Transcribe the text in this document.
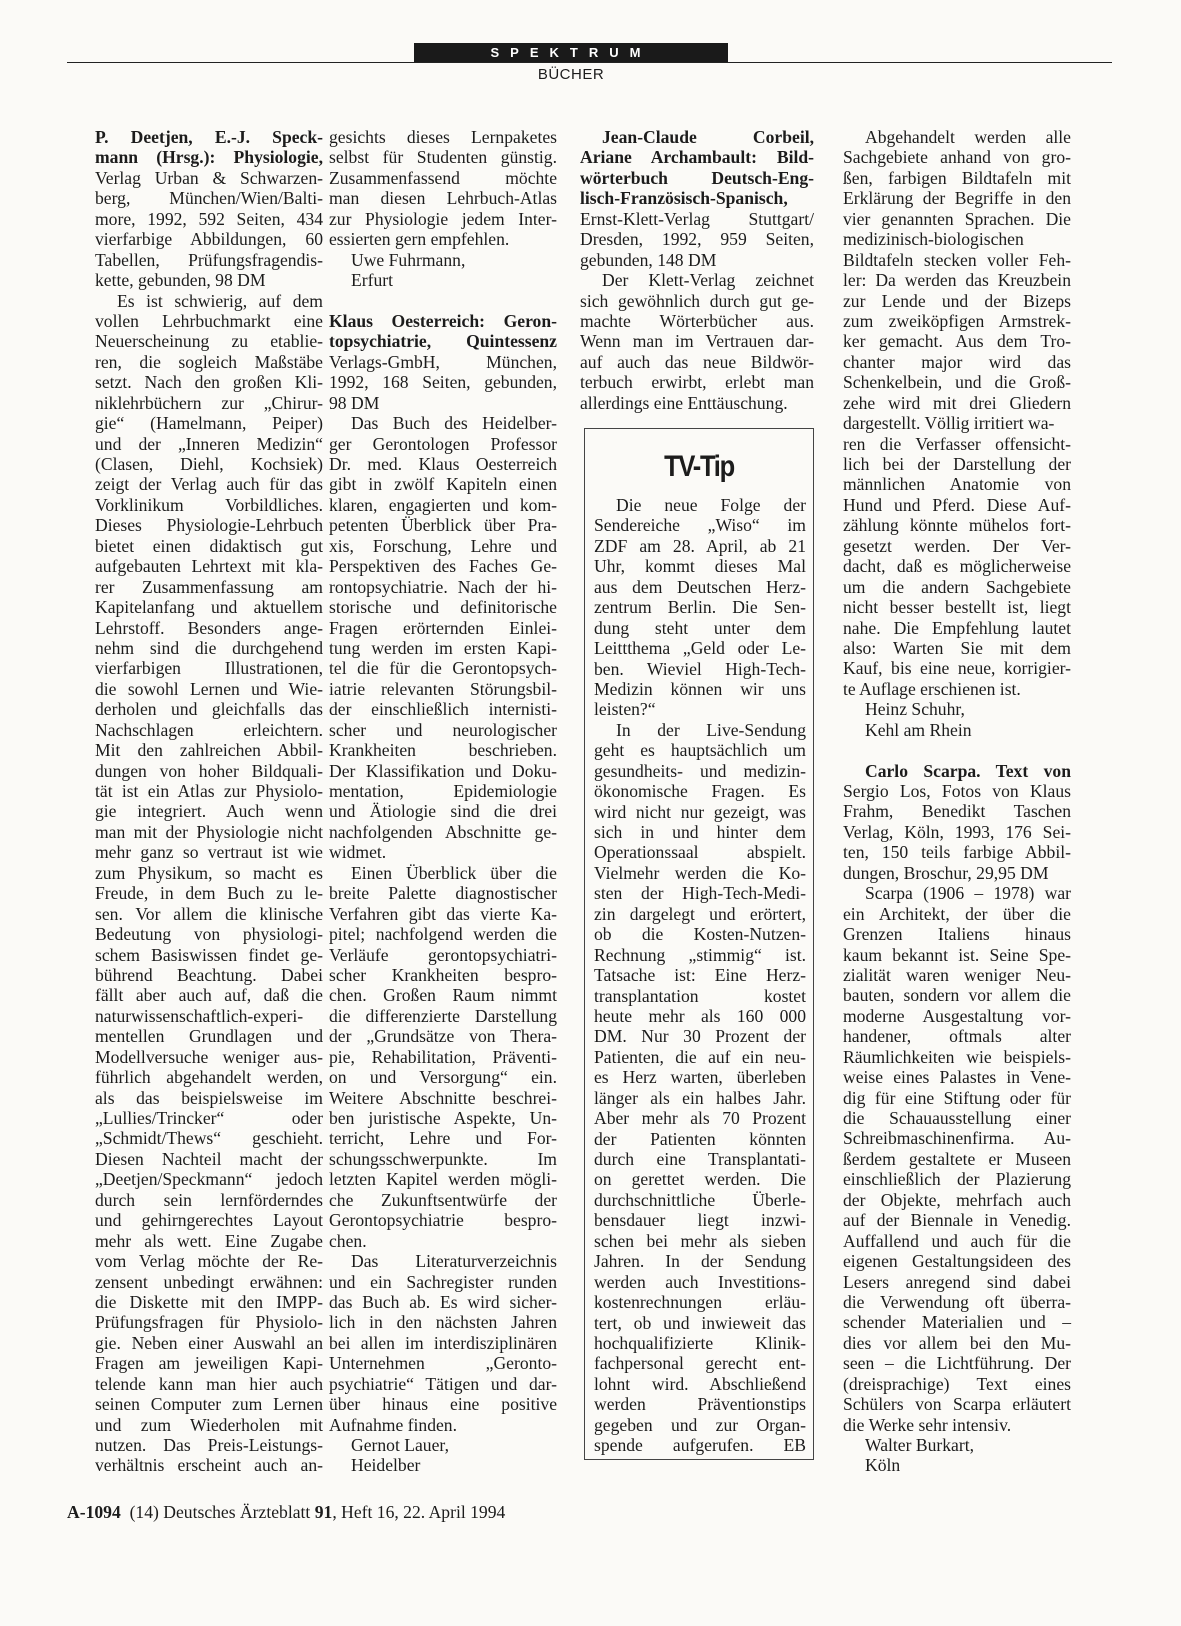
SPEKTRUM
BÜCHER
P. Deetjen, E.-J. Speck-
mann (Hrsg.): Physiologie,
Verlag Urban & Schwarzen-
berg, München/Wien/Balti-
more, 1992, 592 Seiten, 434
vierfarbige Abbildungen, 60
Tabellen, Prüfungsfragendis-
kette, gebunden, 98 DM
Es ist schwierig, auf dem
vollen Lehrbuchmarkt eine
Neuerscheinung zu etablie-
ren, die sogleich Maßstäbe
setzt. Nach den großen Kli-
niklehrbüchern zur „Chirur-
gie“ (Hamelmann, Peiper)
und der „Inneren Medizin“
(Clasen, Diehl, Kochsiek)
zeigt der Verlag auch für das
Vorklinikum Vorbildliches.
Dieses Physiologie-Lehrbuch
bietet einen didaktisch gut
aufgebauten Lehrtext mit kla-
rer Zusammenfassung am
Kapitelanfang und aktuellem
Lehrstoff. Besonders ange-
nehm sind die durchgehend
vierfarbigen Illustrationen,
die sowohl Lernen und Wie-
derholen und gleichfalls das
Nachschlagen erleichtern.
Mit den zahlreichen Abbil-
dungen von hoher Bildquali-
tät ist ein Atlas zur Physiolo-
gie integriert. Auch wenn
man mit der Physiologie nicht
mehr ganz so vertraut ist wie
zum Physikum, so macht es
Freude, in dem Buch zu le-
sen. Vor allem die klinische
Bedeutung von physiologi-
schem Basiswissen findet ge-
bührend Beachtung. Dabei
fällt aber auch auf, daß die
naturwissenschaftlich-experi-
mentellen Grundlagen und
Modellversuche weniger aus-
führlich abgehandelt werden,
als das beispielsweise im
„Lullies/Trincker“ oder
„Schmidt/Thews“ geschieht.
Diesen Nachteil macht der
„Deetjen/Speckmann“ jedoch
durch sein lernförderndes
und gehirngerechtes Layout
mehr als wett. Eine Zugabe
vom Verlag möchte der Re-
zensent unbedingt erwähnen:
die Diskette mit den IMPP-
Prüfungsfragen für Physiolo-
gie. Neben einer Auswahl an
Fragen am jeweiligen Kapi-
telende kann man hier auch
seinen Computer zum Lernen
und zum Wiederholen mit
nutzen. Das Preis-Leistungs-
verhältnis erscheint auch an-
gesichts dieses Lernpaketes
selbst für Studenten günstig.
Zusammenfassend möchte
man diesen Lehrbuch-Atlas
zur Physiologie jedem Inter-
essierten gern empfehlen.
Uwe Fuhrmann,
Erfurt
Klaus Oesterreich: Geron-
topsychiatrie, Quintessenz
Verlags-GmbH, München,
1992, 168 Seiten, gebunden,
98 DM
Das Buch des Heidelber-
ger Gerontologen Professor
Dr. med. Klaus Oesterreich
gibt in zwölf Kapiteln einen
klaren, engagierten und kom-
petenten Überblick über Pra-
xis, Forschung, Lehre und
Perspektiven des Faches Ge-
rontopsychiatrie. Nach der hi-
storische und definitorische
Fragen erörternden Einlei-
tung werden im ersten Kapi-
tel die für die Gerontopsych-
iatrie relevanten Störungsbil-
der einschließlich internisti-
scher und neurologischer
Krankheiten beschrieben.
Der Klassifikation und Doku-
mentation, Epidemiologie
und Ätiologie sind die drei
nachfolgenden Abschnitte ge-
widmet.
Einen Überblick über die
breite Palette diagnostischer
Verfahren gibt das vierte Ka-
pitel; nachfolgend werden die
Verläufe gerontopsychiatri-
scher Krankheiten bespro-
chen. Großen Raum nimmt
die differenzierte Darstellung
der „Grundsätze von Thera-
pie, Rehabilitation, Präventi-
on und Versorgung“ ein.
Weitere Abschnitte beschrei-
ben juristische Aspekte, Un-
terricht, Lehre und For-
schungsschwerpunkte. Im
letzten Kapitel werden mögli-
che Zukunftsentwürfe der
Gerontopsychiatrie bespro-
chen.
Das Literaturverzeichnis
und ein Sachregister runden
das Buch ab. Es wird sicher-
lich in den nächsten Jahren
bei allen im interdisziplinären
Unternehmen „Geronto-
psychiatrie“ Tätigen und dar-
über hinaus eine positive
Aufnahme finden.
Gernot Lauer,
Heidelber
Jean-Claude Corbeil,
Ariane Archambault: Bild-
wörterbuch Deutsch-Eng-
lisch-Französisch-Spanisch,
Ernst-Klett-Verlag Stuttgart/
Dresden, 1992, 959 Seiten,
gebunden, 148 DM
Der Klett-Verlag zeichnet
sich gewöhnlich durch gut ge-
machte Wörterbücher aus.
Wenn man im Vertrauen dar-
auf auch das neue Bildwör-
terbuch erwirbt, erlebt man
allerdings eine Enttäuschung.
Abgehandelt werden alle
Sachgebiete anhand von gro-
ßen, farbigen Bildtafeln mit
Erklärung der Begriffe in den
vier genannten Sprachen. Die
medizinisch-biologischen
Bildtafeln stecken voller Feh-
ler: Da werden das Kreuzbein
zur Lende und der Bizeps
zum zweiköpfigen Armstrek-
ker gemacht. Aus dem Tro-
chanter major wird das
Schenkelbein, und die Groß-
zehe wird mit drei Gliedern
dargestellt. Völlig irritiert wa-
ren die Verfasser offensicht-
lich bei der Darstellung der
männlichen Anatomie von
Hund und Pferd. Diese Auf-
zählung könnte mühelos fort-
gesetzt werden. Der Ver-
dacht, daß es möglicherweise
um die andern Sachgebiete
nicht besser bestellt ist, liegt
nahe. Die Empfehlung lautet
also: Warten Sie mit dem
Kauf, bis eine neue, korrigier-
te Auflage erschienen ist.
Heinz Schuhr,
Kehl am Rhein
Carlo Scarpa. Text von
Sergio Los, Fotos von Klaus
Frahm, Benedikt Taschen
Verlag, Köln, 1993, 176 Sei-
ten, 150 teils farbige Abbil-
dungen, Broschur, 29,95 DM
Scarpa (1906 – 1978) war
ein Architekt, der über die
Grenzen Italiens hinaus
kaum bekannt ist. Seine Spe-
zialität waren weniger Neu-
bauten, sondern vor allem die
moderne Ausgestaltung vor-
handener, oftmals alter
Räumlichkeiten wie beispiels-
weise eines Palastes in Vene-
dig für eine Stiftung oder für
die Schauausstellung einer
Schreibmaschinenfirma. Au-
ßerdem gestaltete er Museen
einschließlich der Plazierung
der Objekte, mehrfach auch
auf der Biennale in Venedig.
Auffallend und auch für die
eigenen Gestaltungsideen des
Lesers anregend sind dabei
die Verwendung oft überra-
schender Materialien und –
dies vor allem bei den Mu-
seen – die Lichtführung. Der
(dreisprachige) Text eines
Schülers von Scarpa erläutert
die Werke sehr intensiv.
Walter Burkart,
Köln
TV-Tip
Die neue Folge der
Sendereiche „Wiso“ im
ZDF am 28. April, ab 21
Uhr, kommt dieses Mal
aus dem Deutschen Herz-
zentrum Berlin. Die Sen-
dung steht unter dem
Leittthema „Geld oder Le-
ben. Wieviel High-Tech-
Medizin können wir uns
leisten?“
In der Live-Sendung
geht es hauptsächlich um
gesundheits- und medizin-
ökonomische Fragen. Es
wird nicht nur gezeigt, was
sich in und hinter dem
Operationssaal abspielt.
Vielmehr werden die Ko-
sten der High-Tech-Medi-
zin dargelegt und erörtert,
ob die Kosten-Nutzen-
Rechnung „stimmig“ ist.
Tatsache ist: Eine Herz-
transplantation kostet
heute mehr als 160 000
DM. Nur 30 Prozent der
Patienten, die auf ein neu-
es Herz warten, überleben
länger als ein halbes Jahr.
Aber mehr als 70 Prozent
der Patienten könnten
durch eine Transplantati-
on gerettet werden. Die
durchschnittliche Überle-
bensdauer liegt inzwi-
schen bei mehr als sieben
Jahren. In der Sendung
werden auch Investitions-
kostenrechnungen erläu-
tert, ob und inwieweit das
hochqualifizierte Klinik-
fachpersonal gerecht ent-
lohnt wird. Abschließend
werden Präventionstips
gegeben und zur Organ-
spende aufgerufen. EB
A-1094  (14) Deutsches Ärzteblatt 91, Heft 16, 22. April 1994
